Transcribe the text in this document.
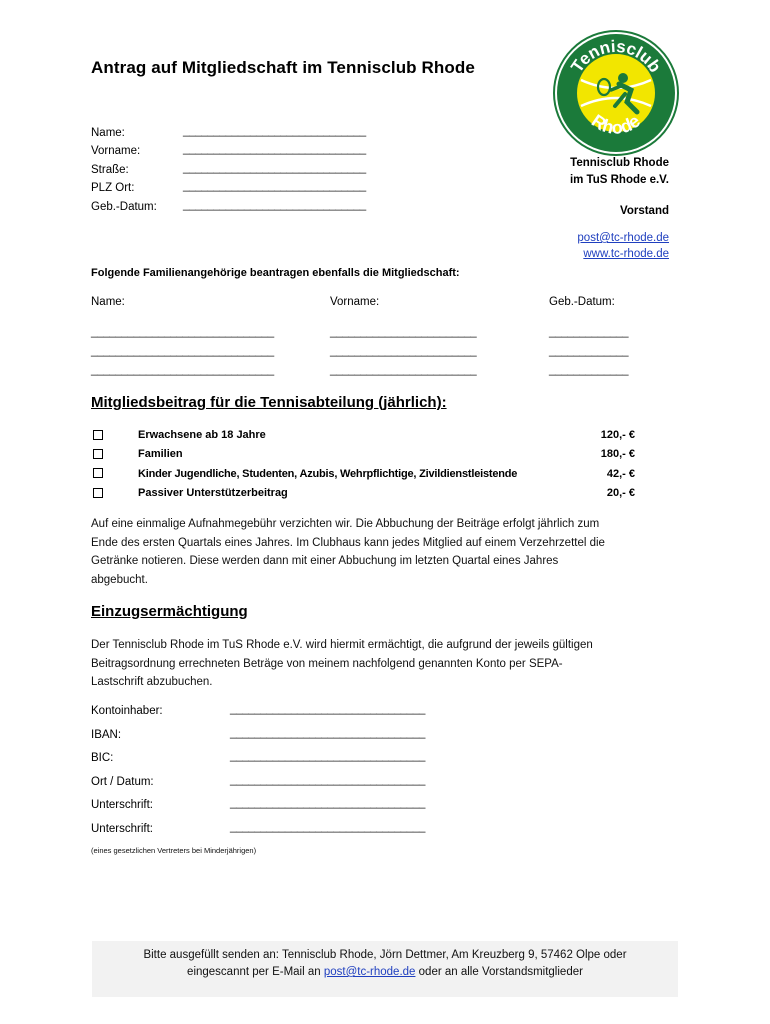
Antrag auf Mitgliedschaft im Tennisclub Rhode	Tennisclub
Rhode
Tennisclub Rhode
im TuS Rhode e.V.
Vorstand
post@tc-rhode.de
www.tc-rhode.de
Name:	______________________________
Vorname:	______________________________
Straße:	______________________________
PLZ Ort:	______________________________
Geb.-Datum: ______________________________
Folgende Familienangehörige beantragen ebenfalls die Mitgliedschaft:
Name:	Vorname:	Geb.-Datum:
______________________________	________________________	_____________
______________________________	________________________	_____________
______________________________	________________________	_____________
Mitgliedsbeitrag für die Tennisabteilung (jährlich):
Erwachsene ab 18 Jahre	120,- €
Familien	180,- €
Kinder Jugendliche, Studenten, Azubis, Wehrpflichtige, Zivildienstleistende	42,- €
Passiver Unterstützerbeitrag	20,- €
Auf eine einmalige Aufnahmegebühr verzichten wir. Die Abbuchung der Beiträge erfolgt jährlich zum
Ende des ersten Quartals eines Jahres. Im Clubhaus kann jedes Mitglied auf einem Verzehrzettel die
Getränke notieren. Diese werden dann mit einer Abbuchung im letzten Quartal eines Jahres
abgebucht.
Einzugsermächtigung
Der Tennisclub Rhode im TuS Rhode e.V. wird hiermit ermächtigt, die aufgrund der jeweils gültigen
Beitragsordnung errechneten Beträge von meinem nachfolgend genannten Konto per SEPA-
Lastschrift abzubuchen.
Kontoinhaber:	________________________________
IBAN:	________________________________
BIC:	________________________________
Ort / Datum:	________________________________
Unterschrift:	________________________________
Unterschrift:	________________________________
(eines gesetzlichen Vertreters bei Minderjährigen)
Bitte ausgefüllt senden an: Tennisclub Rhode, Jörn Dettmer, Am Kreuzberg 9, 57462 Olpe oder
eingescannt per E-Mail an post@tc-rhode.de oder an alle Vorstandsmitglieder
